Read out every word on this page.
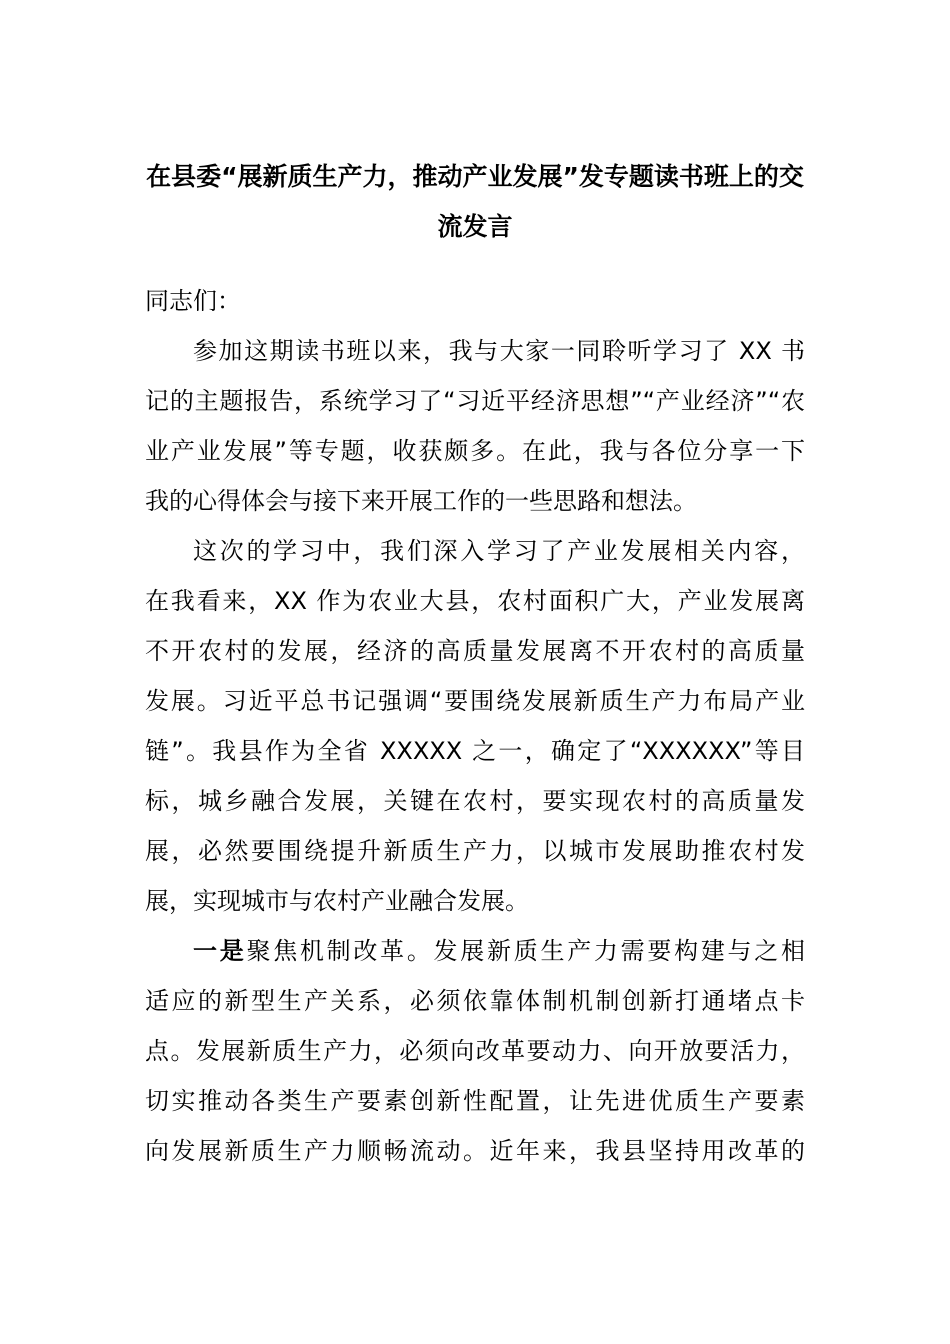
在县委“展新质生产力，推动产业发展”发专题读书班上的交
流发言

同志们：

参加这期读书班以来，我与大家一同聆听学习了 XX 书

记的主题报告，系统学习了“习近平经济思想”“产业经济”“农

业产业发展”等专题，收获颇多。在此，我与各位分享一下

我的心得体会与接下来开展工作的一些思路和想法。

这次的学习中，我们深入学习了产业发展相关内容，

在我看来，XX 作为农业大县，农村面积广大，产业发展离

不开农村的发展，经济的高质量发展离不开农村的高质量

发展。习近平总书记强调“要围绕发展新质生产力布局产业

链”。我县作为全省 XXXXX 之一，确定了“XXXXXX”等目

标，城乡融合发展，关键在农村，要实现农村的高质量发

展，必然要围绕提升新质生产力，以城市发展助推农村发

展，实现城市与农村产业融合发展。

一是聚焦机制改革。发展新质生产力需要构建与之相

适应的新型生产关系，必须依靠体制机制创新打通堵点卡

点。发展新质生产力，必须向改革要动力、向开放要活力，

切实推动各类生产要素创新性配置，让先进优质生产要素

向发展新质生产力顺畅流动。近年来，我县坚持用改革的
